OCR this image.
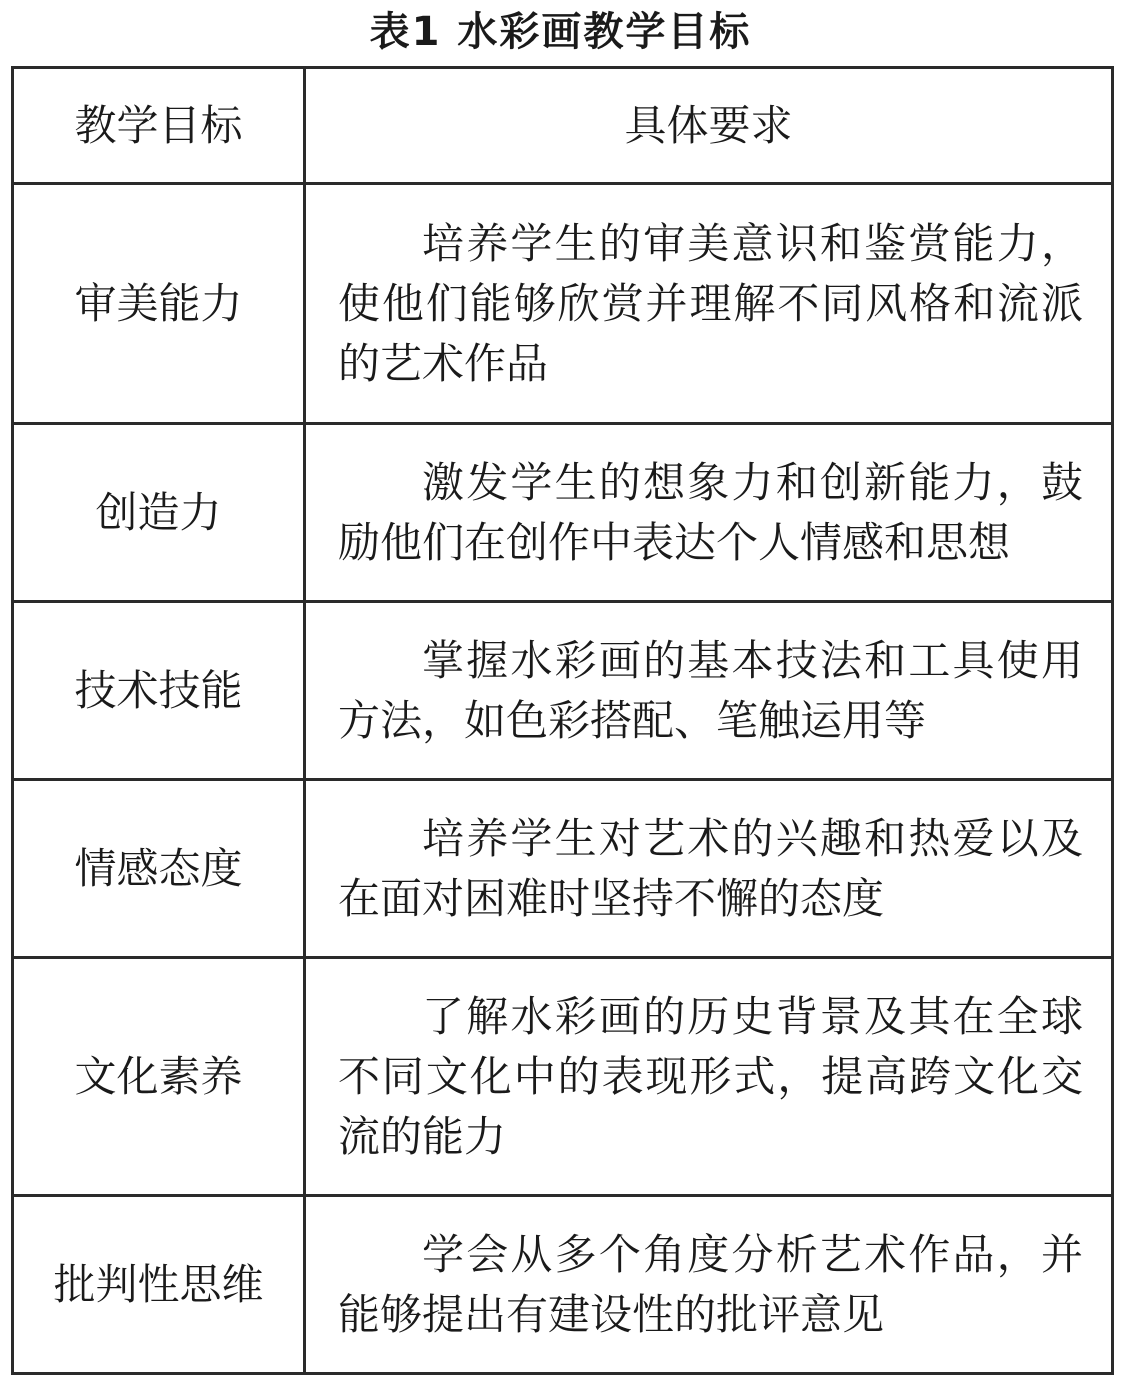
表1 水彩画教学目标
教学目标	具体要求
审美能力	培养学生的审美意识和鉴赏能力，使他们能够欣赏并理解不同风格和流派的艺术作品

创造力	激发学生的想象力和创新能力，鼓励他们在创作中表达个人情感和思想

技术技能	掌握水彩画的基本技法和工具使用方法，如色彩搭配、笔触运用等

情感态度	培养学生对艺术的兴趣和热爱以及在面对困难时坚持不懈的态度

文化素养	了解水彩画的历史背景及其在全球不同文化中的表现形式，提高跨文化交流的能力

批判性思维	学会从多个角度分析艺术作品，并能够提出有建设性的批评意见
